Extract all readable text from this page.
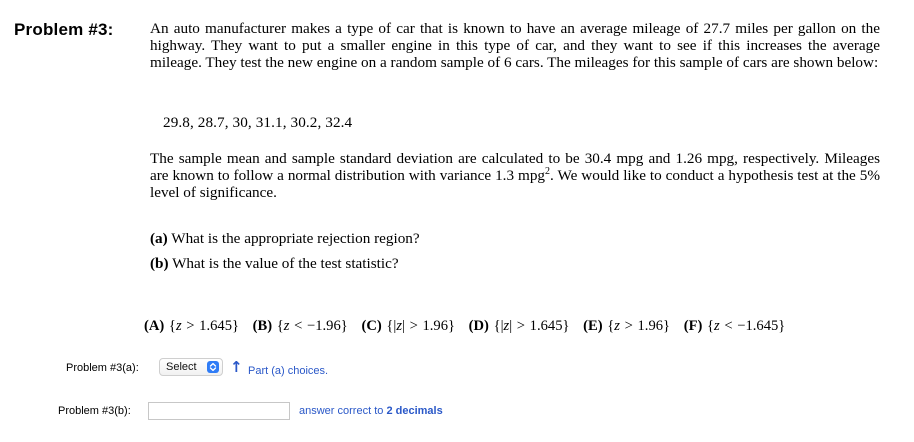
Problem #3: An auto manufacturer makes a type of car that is known to have an average mileage of 27.7 miles per gallon on the highway. They want to put a smaller engine in this type of car, and they want to see if this increases the average mileage. They test the new engine on a random sample of 6 cars. The mileages for this sample of cars are shown below:
29.8, 28.7, 30, 31.1, 30.2, 32.4
The sample mean and sample standard deviation are calculated to be 30.4 mpg and 1.26 mpg, respectively. Mileages are known to follow a normal distribution with variance 1.3 mpg$^2$. We would like to conduct a hypothesis test at the 5% level of significance.
(a) What is the appropriate rejection region?
(b) What is the value of the test statistic?
(A) {z > 1.645} (B) {z < −1.96} (C) {|z| > 1.96} (D) {|z| > 1.645} (E) {z > 1.96} (F) {z < −1.645}
Problem #3(a):	Select	↑ Part (a) choices.
Problem #3(b):	answer correct to 2 decimals
